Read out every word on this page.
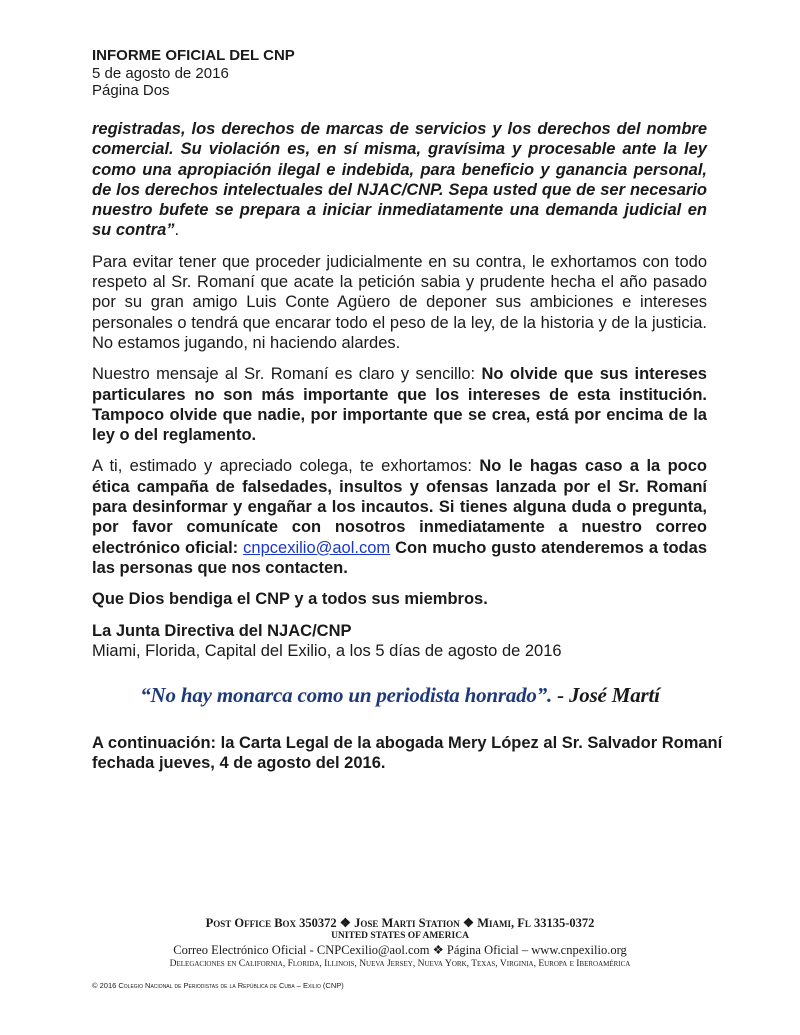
INFORME OFICIAL DEL CNP
5 de agosto de 2016
Página Dos

registradas, los derechos de marcas de servicios y los derechos del nombre comercial. Su violación es, en sí misma, gravísima y procesable ante la ley como una apropiación ilegal e indebida, para beneficio y ganancia personal, de los derechos intelectuales del NJAC/CNP. Sepa usted que de ser necesario nuestro bufete se prepara a iniciar inmediatamente una demanda judicial en su contra”.

Para evitar tener que proceder judicialmente en su contra, le exhortamos con todo respeto al Sr. Romaní que acate la petición sabia y prudente hecha el año pasado por su gran amigo Luis Conte Agüero de deponer sus ambiciones e intereses personales o tendrá que encarar todo el peso de la ley, de la historia y de la justicia. No estamos jugando, ni haciendo alardes.

Nuestro mensaje al Sr. Romaní es claro y sencillo: No olvide que sus intereses particulares no son más importante que los intereses de esta institución. Tampoco olvide que nadie, por importante que se crea, está por encima de la ley o del reglamento.

A ti, estimado y apreciado colega, te exhortamos: No le hagas caso a la poco ética campaña de falsedades, insultos y ofensas lanzada por el Sr. Romaní para desinformar y engañar a los incautos. Si tienes alguna duda o pregunta, por favor comunícate con nosotros inmediatamente a nuestro correo electrónico oficial: cnpcexilio@aol.com Con mucho gusto atenderemos a todas las personas que nos contacten.

Que Dios bendiga el CNP y a todos sus miembros.

La Junta Directiva del NJAC/CNP
Miami, Florida, Capital del Exilio, a los 5 días de agosto de 2016
“No hay monarca como un periodista honrado”. - José Martí
A continuación: la Carta Legal de la abogada Mery López al Sr. Salvador Romaní fechada jueves, 4 de agosto del 2016.
Post Office Box 350372 ❖ Jose Marti Station ❖ Miami, Fl 33135-0372
UNITED STATES OF AMERICA
Correo Electrónico Oficial - CNPCexilio@aol.com ❖ Página Oficial – www.cnpexilio.org
Delegaciones en California, Florida, Illinois, Nueva Jersey, Nueva York, Texas, Virginia, Europa e Iberoamérica
© 2016 Colegio Nacional de Periodistas de la República de Cuba – Exilio (CNP)
